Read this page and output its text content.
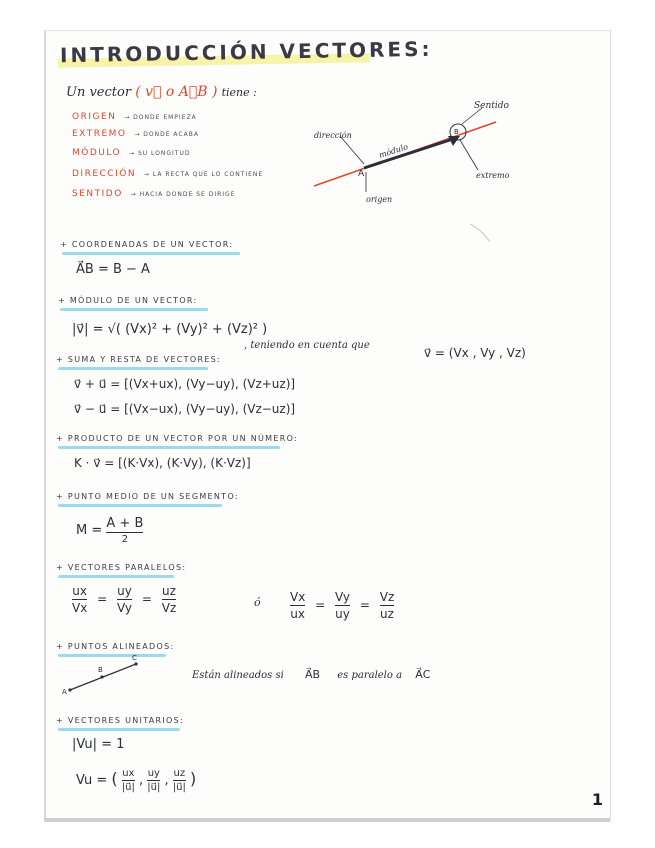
INTRODUCCIÓN VECTORES:
Un vector ( v⃗ o A⃗B ) tiene :
ORIGEN → DONDE EMPIEZA
EXTREMO → DONDE ACABA
MÓDULO → SU LONGITUD
DIRECCIÓN → LA RECTA QUE LO CONTIENE
SENTIDO → HACIA DONDE SE DIRIGE
Sentido
dirección
módulo
A
B
extremo
origen
+ COORDENADAS DE UN VECTOR:
A⃗B = B − A
+ MÓDULO DE UN VECTOR:
|v⃗| = √( (Vx)² + (Vy)² + (Vz)² )
, teniendo en cuenta que
v⃗ = (Vx , Vy , Vz)
+ SUMA Y RESTA DE VECTORES:
v⃗ + u⃗ = [(Vx+ux), (Vy−uy), (Vz+uz)]
v⃗ − u⃗ = [(Vx−ux), (Vy−uy), (Vz−uz)]
+ PRODUCTO DE UN VECTOR POR UN NÚMERO:
K · v⃗ = [(K·Vx), (K·Vy), (K·Vz)]
+ PUNTO MEDIO DE UN SEGMENTO:
$M = \frac{A + B}{2}$
+ VECTORES PARALELOS:
$\frac{ux}{Vx} = \frac{uy}{Vy} = \frac{uz}{Vz}$	ó $\frac{Vx}{ux} = \frac{Vy}{uy} = \frac{Vz}{uz}$
+ PUNTOS ALINEADOS:
A
B
C
Están alineados si A⃗B es paralelo a A⃗C
+ VECTORES UNITARIOS:
|Vu| = 1
Vu = ( $\frac{ux}{|u⃗|}$ , $\frac{uy}{|u⃗|}$ , $\frac{uz}{|u⃗|}$ )
1
